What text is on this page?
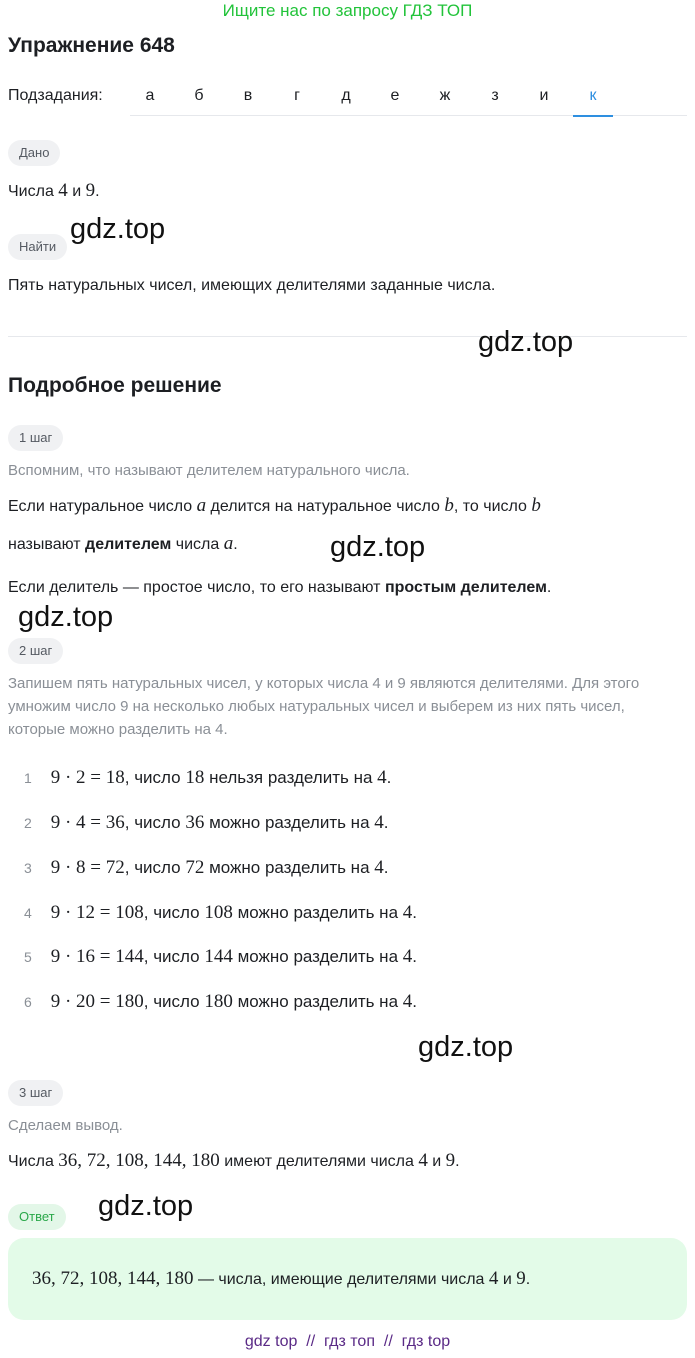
Ищите нас по запросу ГДЗ ТОП
Упражнение 648
Подзадания:	а	б	в	г	д	е	ж	з	и	к
Дано
Числа 4 и 9.
Найти
gdz.top
Пять натуральных чисел, имеющих делителями заданные числа.
gdz.top
Подробное решение
1 шаг
Вспомним, что называют делителем натурального числа.
Если натуральное число a делится на натуральное число b, то число b
называют делителем числа a.	gdz.top
Если делитель — простое число, то его называют простым делителем.
gdz.top
2 шаг
Запишем пять натуральных чисел, у которых числа 4 и 9 являются делителями. Для этого
умножим число 9 на несколько любых натуральных чисел и выберем из них пять чисел,
которые можно разделить на 4.
1 9 · 2 = 18, число 18 нельзя разделить на 4.
2 9 · 4 = 36, число 36 можно разделить на 4.
3 9 · 8 = 72, число 72 можно разделить на 4.
4 9 · 12 = 108, число 108 можно разделить на 4.
5 9 · 16 = 144, число 144 можно разделить на 4.
6 9 · 20 = 180, число 180 можно разделить на 4.
gdz.top
3 шаг
Сделаем вывод.
Числа 36, 72, 108, 144, 180 имеют делителями числа 4 и 9.
Ответ	gdz.top
36, 72, 108, 144, 180 — числа, имеющие делителями числа 4 и 9.
gdz top  //  гдз топ  //  гдз top
